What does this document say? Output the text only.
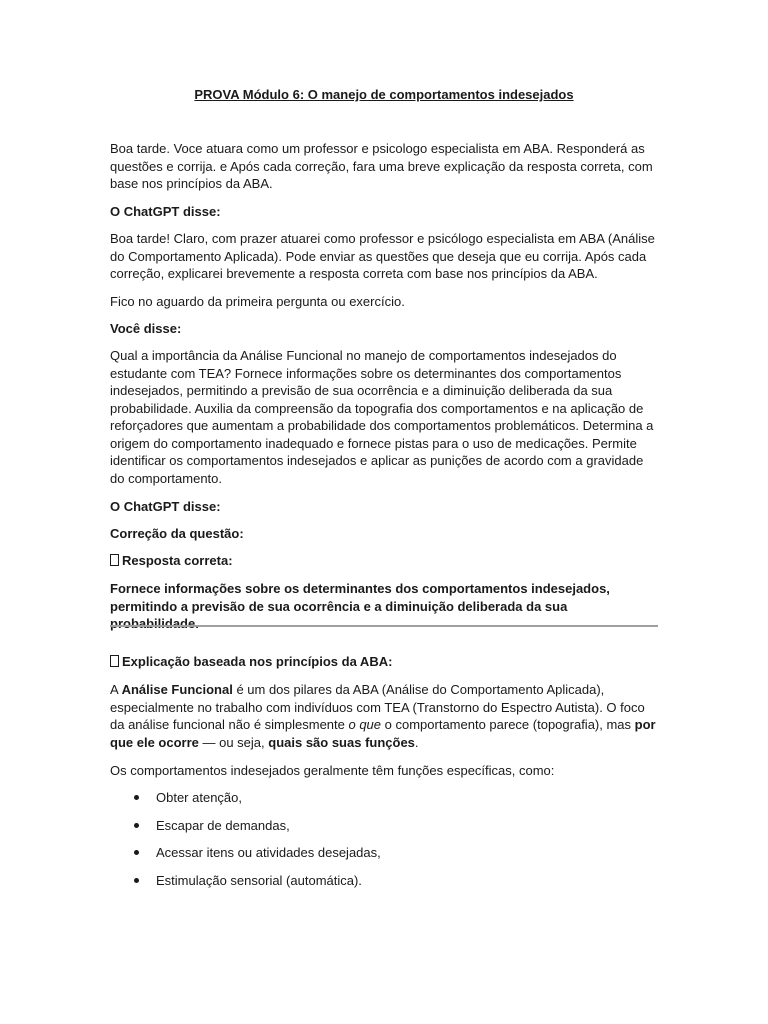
PROVA Módulo 6: O manejo de comportamentos indesejados

Boa tarde. Voce atuara como um professor e psicologo especialista em ABA. Responderá as questões e corrija. e Após cada correção, fara uma breve explicação da resposta correta, com base nos princípios da ABA.

O ChatGPT disse:

Boa tarde! Claro, com prazer atuarei como professor e psicólogo especialista em ABA (Análise do Comportamento Aplicada). Pode enviar as questões que deseja que eu corrija. Após cada correção, explicarei brevemente a resposta correta com base nos princípios da ABA.

Fico no aguardo da primeira pergunta ou exercício.

Você disse:

Qual a importância da Análise Funcional no manejo de comportamentos indesejados do estudante com TEA? Fornece informações sobre os determinantes dos comportamentos indesejados, permitindo a previsão de sua ocorrência e a diminuição deliberada da sua probabilidade. Auxilia da compreensão da topografia dos comportamentos e na aplicação de reforçadores que aumentam a probabilidade dos comportamentos problemáticos. Determina a origem do comportamento inadequado e fornece pistas para o uso de medicações. Permite identificar os comportamentos indesejados e aplicar as punições de acordo com a gravidade do comportamento.

O ChatGPT disse:

Correção da questão:

Resposta correta:

Fornece informações sobre os determinantes dos comportamentos indesejados, permitindo a previsão de sua ocorrência e a diminuição deliberada da sua probabilidade.

Explicação baseada nos princípios da ABA:

A Análise Funcional é um dos pilares da ABA (Análise do Comportamento Aplicada), especialmente no trabalho com indivíduos com TEA (Transtorno do Espectro Autista). O foco da análise funcional não é simplesmente o que o comportamento parece (topografia), mas por que ele ocorre — ou seja, quais são suas funções.

Os comportamentos indesejados geralmente têm funções específicas, como:

Obter atenção,
Escapar de demandas,
Acessar itens ou atividades desejadas,
Estimulação sensorial (automática).
